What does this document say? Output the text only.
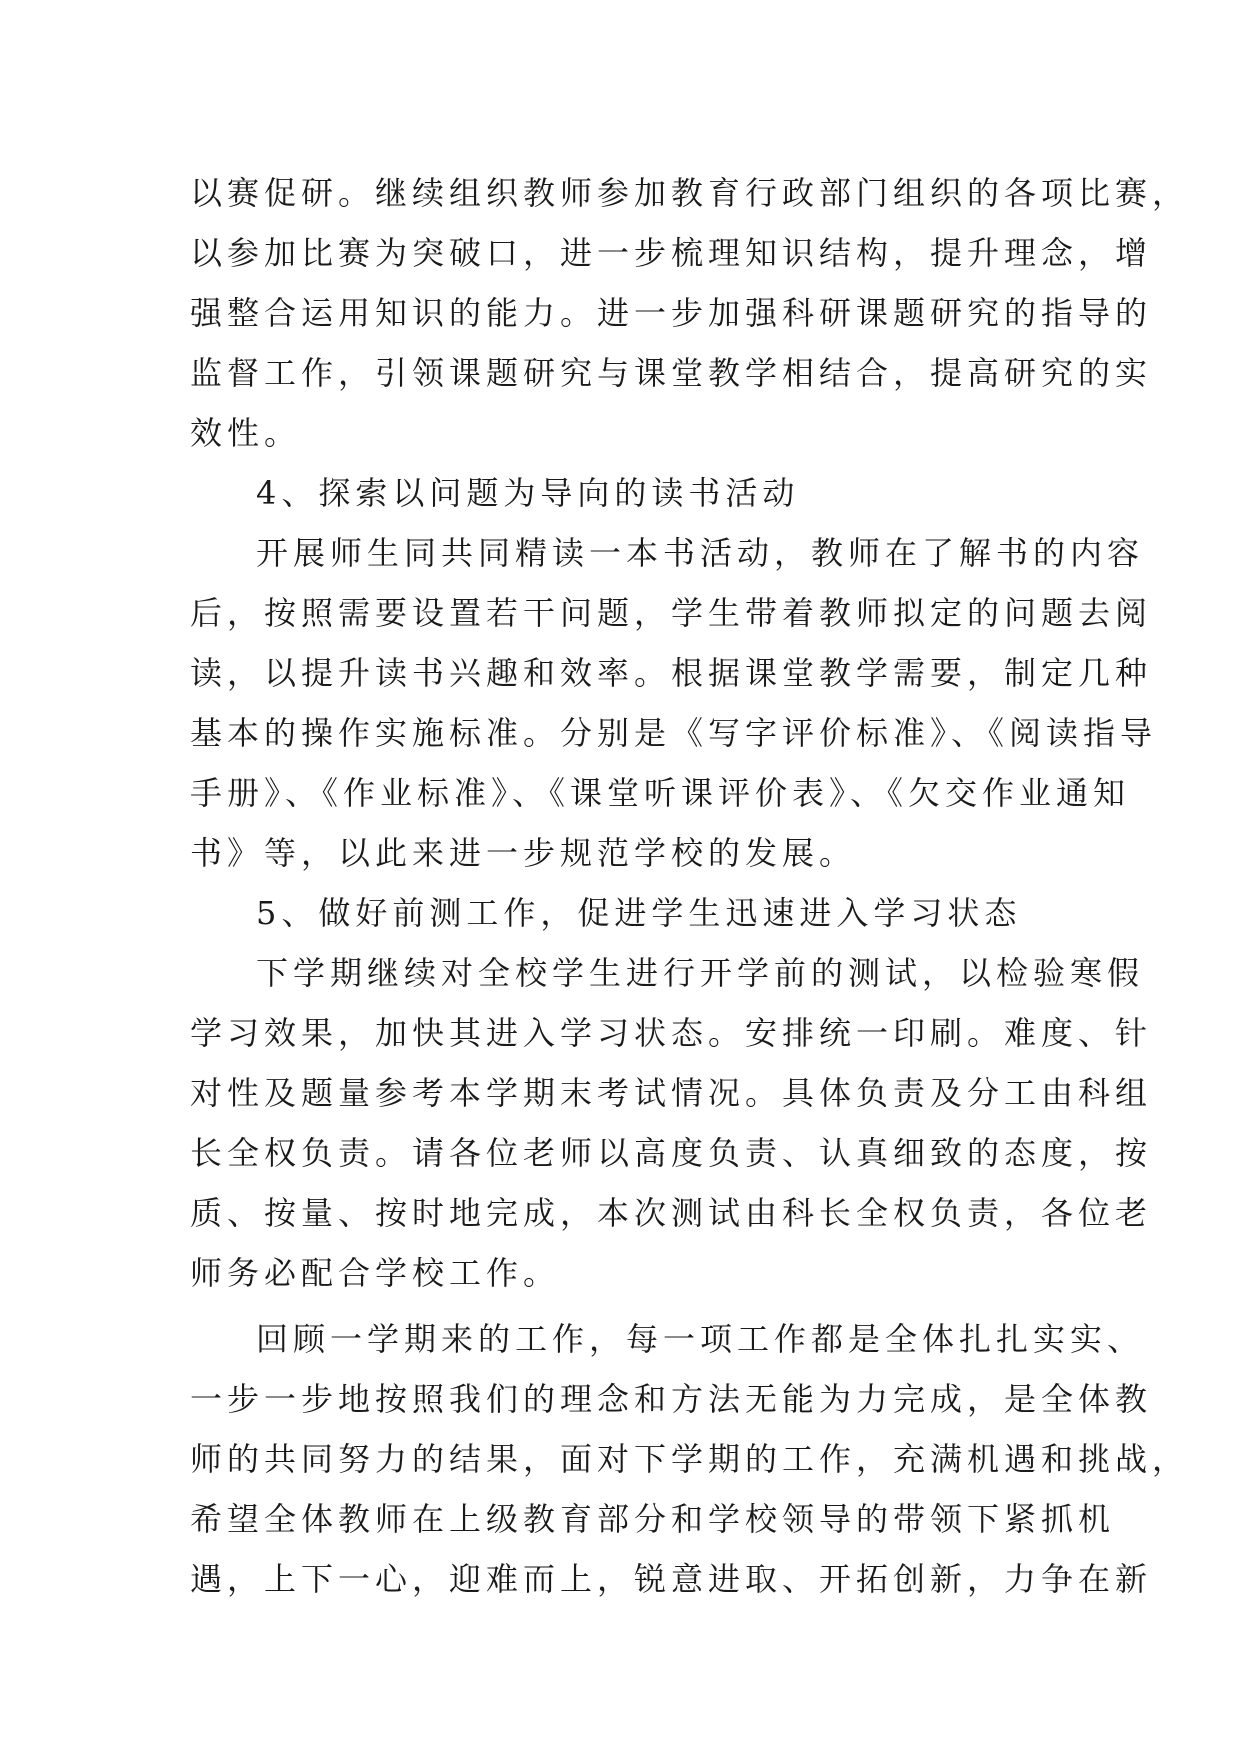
以赛促研。继续组织教师参加教育行政部门组织的各项比赛，
以参加比赛为突破口，进一步梳理知识结构，提升理念，增
强整合运用知识的能力。进一步加强科研课题研究的指导的
监督工作，引领课题研究与课堂教学相结合，提高研究的实
效性。
4、探索以问题为导向的读书活动
开展师生同共同精读一本书活动，教师在了解书的内容
后，按照需要设置若干问题，学生带着教师拟定的问题去阅
读，以提升读书兴趣和效率。根据课堂教学需要，制定几种
基本的操作实施标准。分别是《写字评价标准》、《阅读指导
手册》、《作业标准》、《课堂听课评价表》、《欠交作业通知
书》等，以此来进一步规范学校的发展。
5、做好前测工作，促进学生迅速进入学习状态
下学期继续对全校学生进行开学前的测试，以检验寒假
学习效果，加快其进入学习状态。安排统一印刷。难度、针
对性及题量参考本学期末考试情况。具体负责及分工由科组
长全权负责。请各位老师以高度负责、认真细致的态度，按
质、按量、按时地完成，本次测试由科长全权负责，各位老
师务必配合学校工作。
回顾一学期来的工作，每一项工作都是全体扎扎实实、
一步一步地按照我们的理念和方法无能为力完成，是全体教
师的共同努力的结果，面对下学期的工作，充满机遇和挑战，
希望全体教师在上级教育部分和学校领导的带领下紧抓机
遇，上下一心，迎难而上，锐意进取、开拓创新，力争在新
